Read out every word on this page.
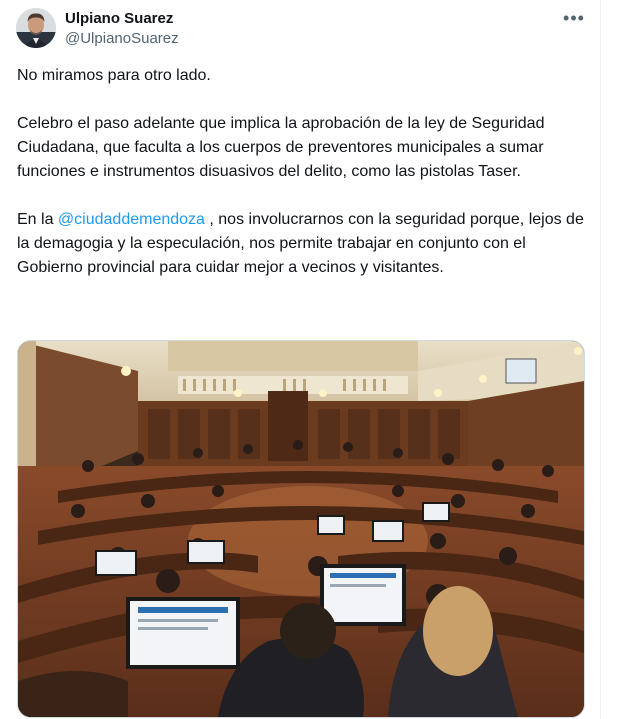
Ulpiano Suarez
@UlpianoSuarez
•••

No miramos para otro lado.

Celebro el paso adelante que implica la aprobación de la ley de Seguridad Ciudadana, que faculta a los cuerpos de preventores municipales a sumar funciones e instrumentos disuasivos del delito, como las pistolas Taser.

En la @ciudaddemendoza , nos involucrarnos con la seguridad porque, lejos de la demagogia y la especulación, nos permite trabajar en conjunto con el Gobierno provincial para cuidar mejor a vecinos y visitantes.
